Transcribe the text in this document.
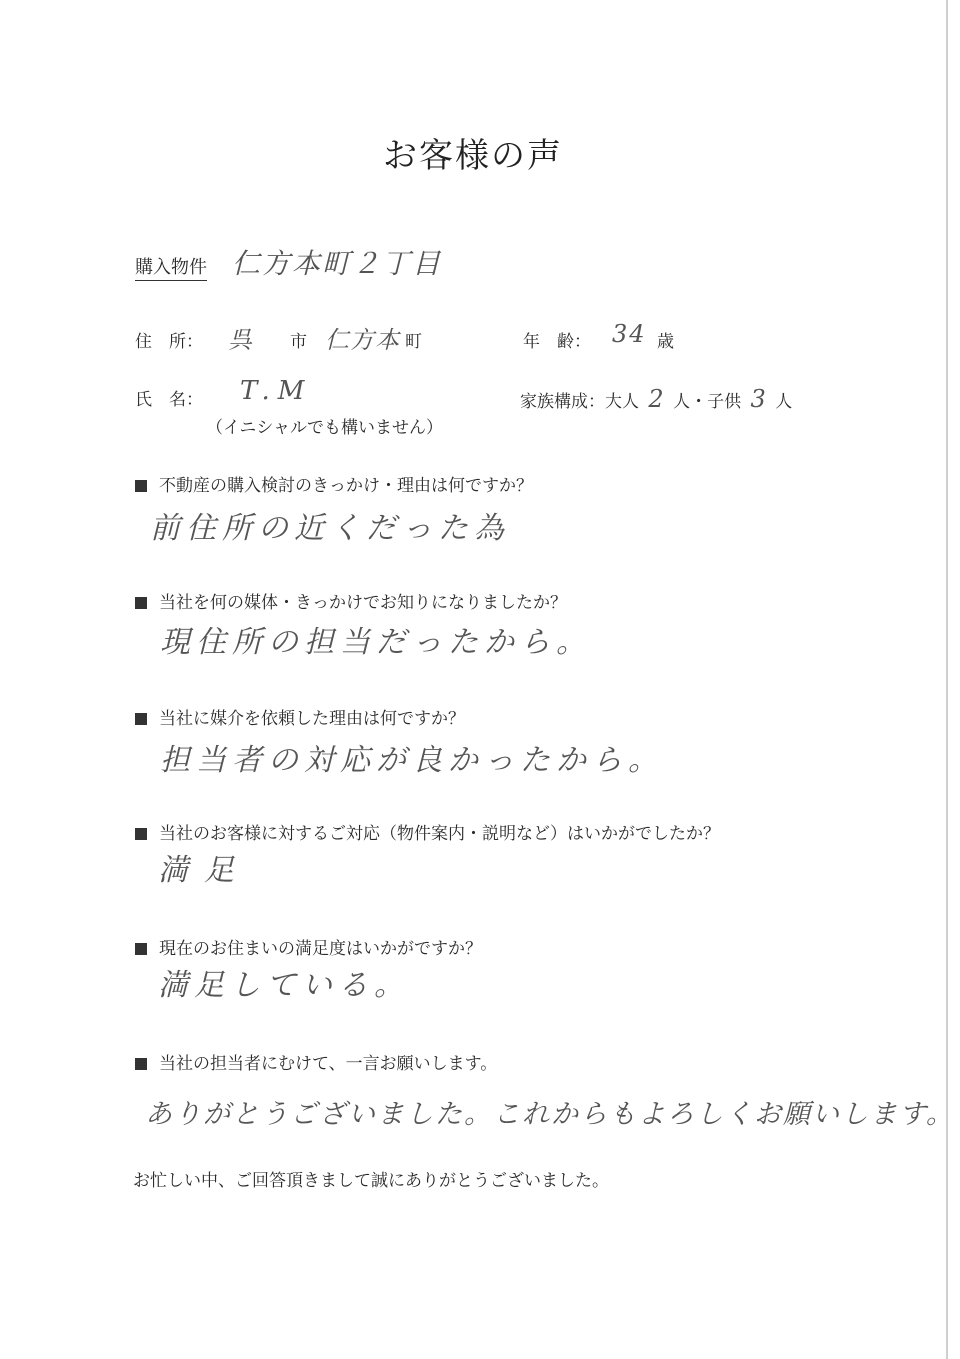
お客様の声
購入物件 仁方本町２丁目
住　所： 呉 市 仁方本 町	年　齢： 34 歳
氏　名： T.M
（イニシャルでも構いません）
家族構成：大人 2 人・子供 3 人
不動産の購入検討のきっかけ・理由は何ですか？
前住所の近くだった為
当社を何の媒体・きっかけでお知りになりましたか？
現住所の担当だったから。
当社に媒介を依頼した理由は何ですか？
担当者の対応が良かったから。
当社のお客様に対するご対応（物件案内・説明など）はいかがでしたか？
満足
現在のお住まいの満足度はいかがですか？
満足している。
当社の担当者にむけて、一言お願いします。
ありがとうございました。これからもよろしくお願いします。
お忙しい中、ご回答頂きまして誠にありがとうございました。
